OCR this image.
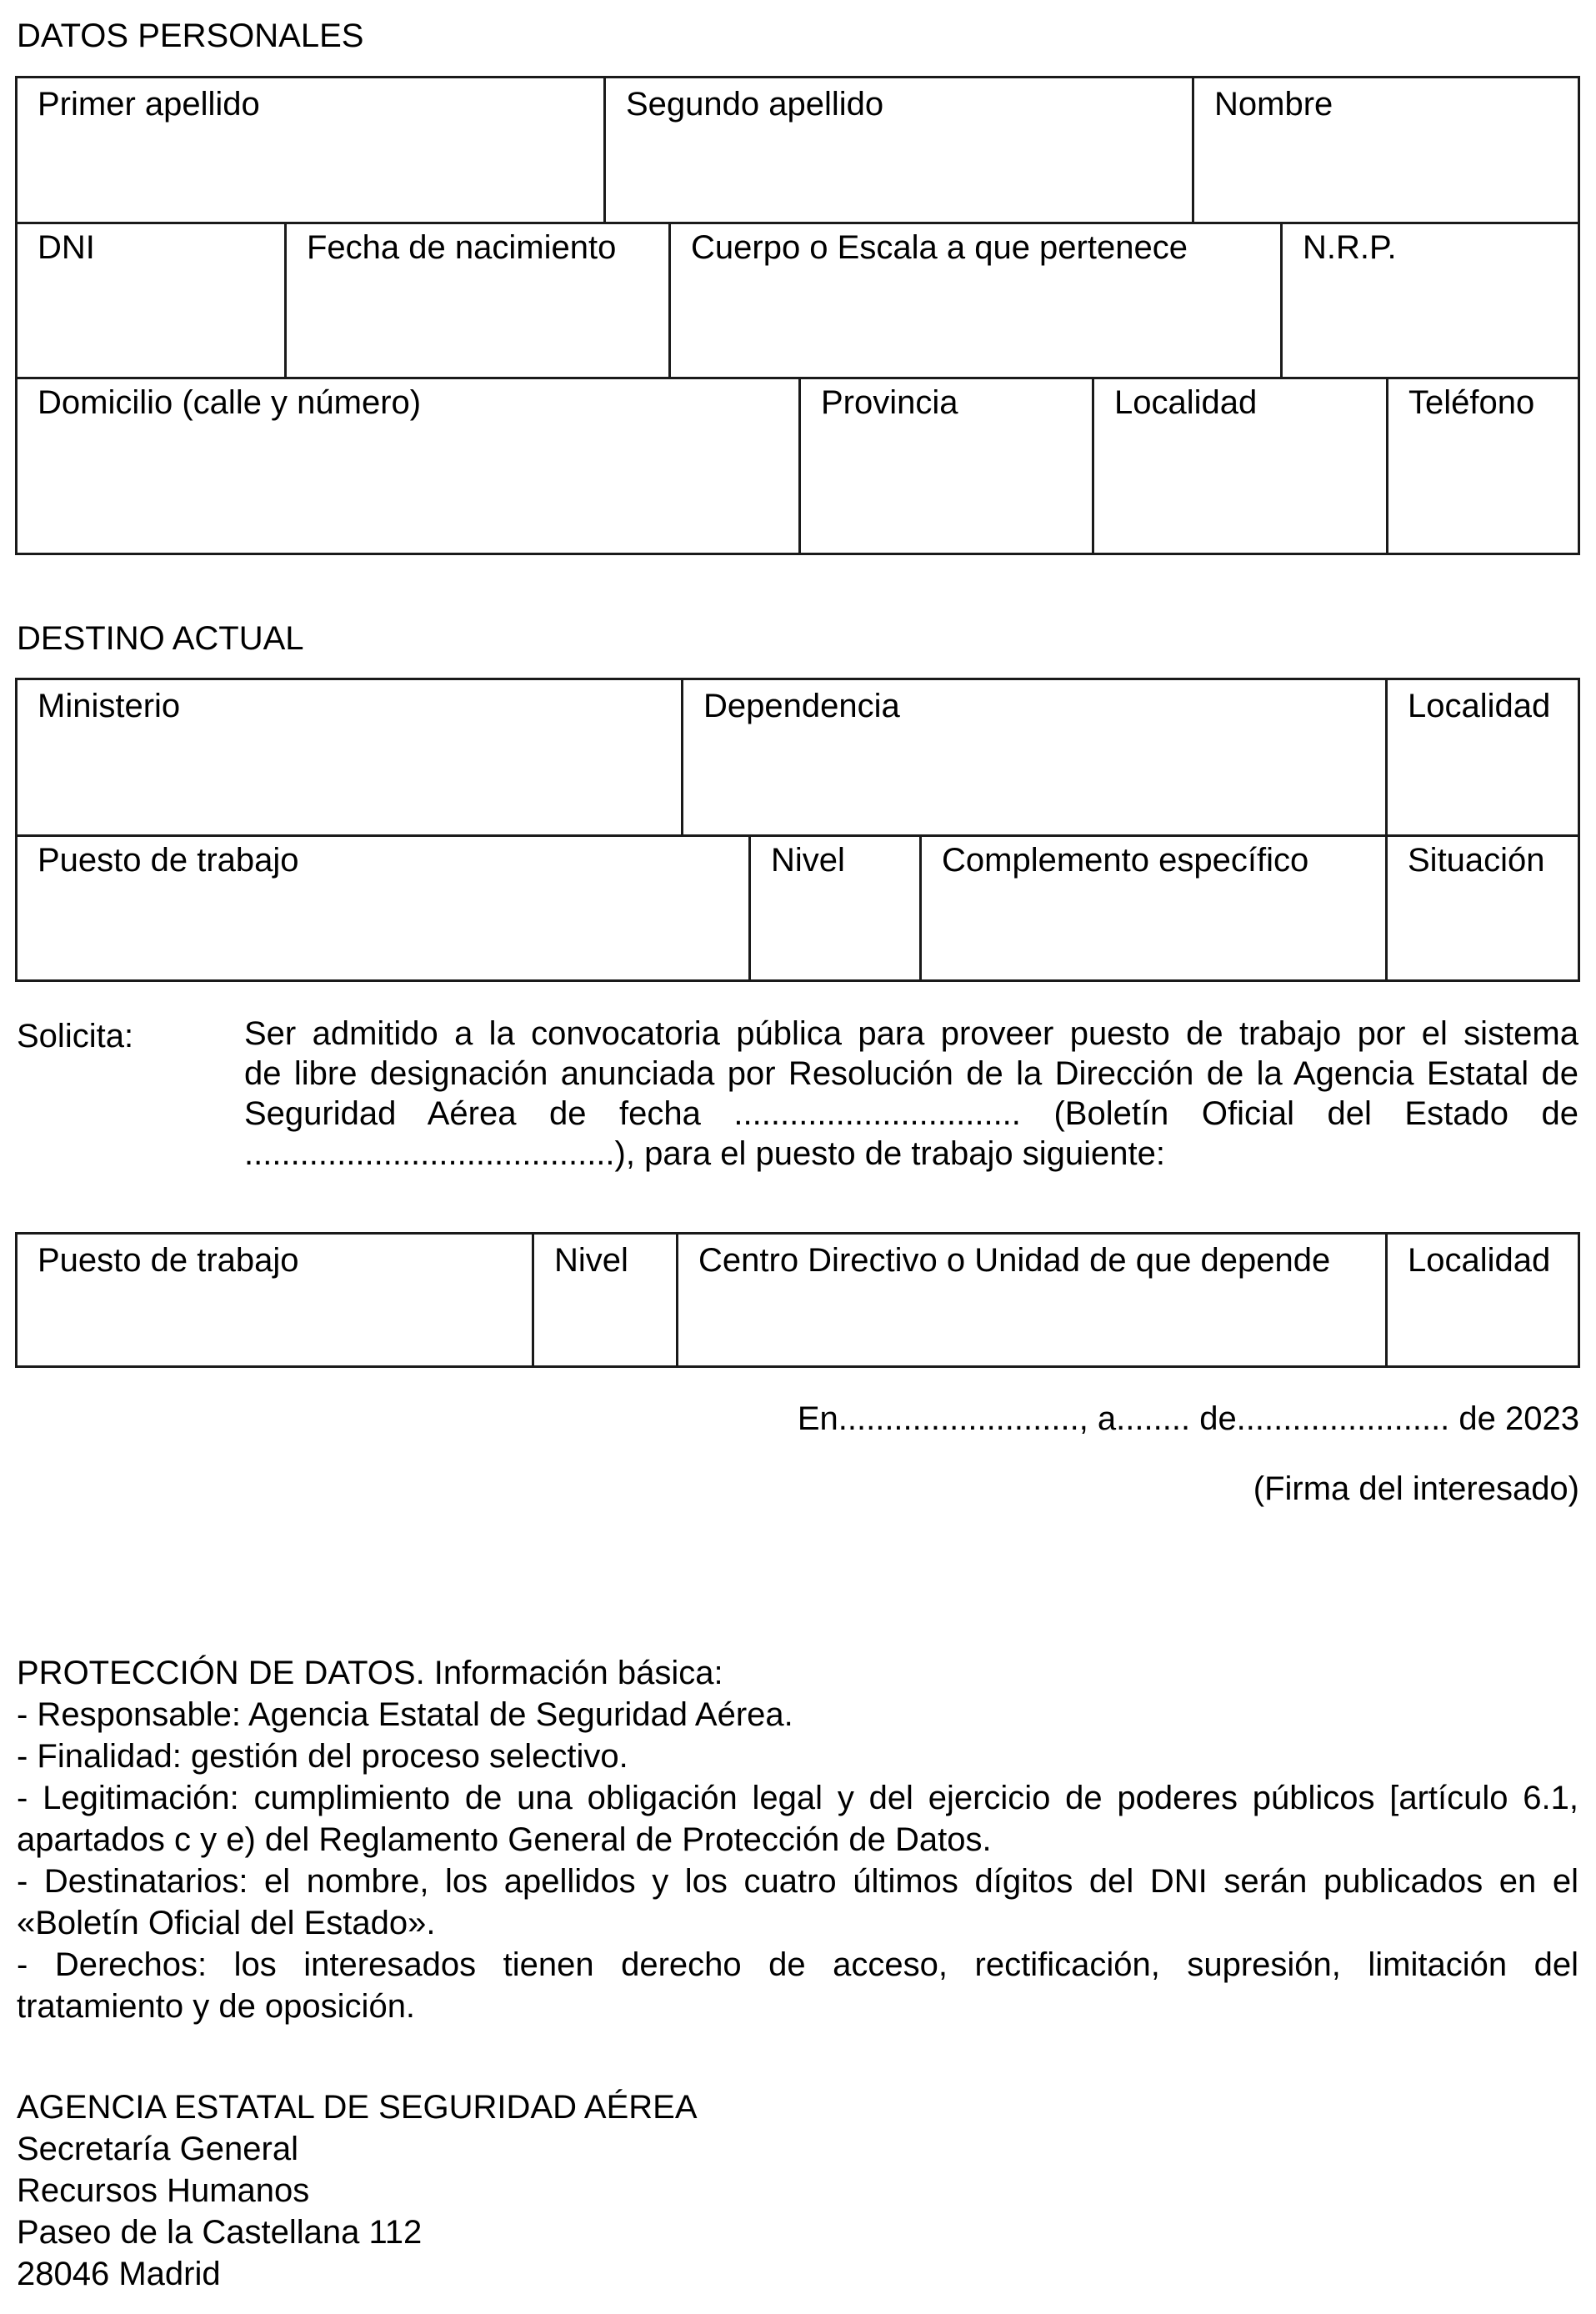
DATOS PERSONALES
Primer apellido	Segundo apellido	Nombre
DNI	Fecha de nacimiento	Cuerpo o Escala a que pertenece	N.R.P.
Domicilio (calle y número)	Provincia	Localidad	Teléfono
DESTINO ACTUAL
Ministerio	Dependencia	Localidad
Puesto de trabajo	Nivel	Complemento específico	Situación
Solicita:	Ser admitido a la convocatoria pública para proveer puesto de trabajo por el sistema
de libre designación anunciada por Resolución de la Dirección de la Agencia Estatal de
Seguridad Aérea de fecha ............................... (Boletín Oficial del Estado de
........................................), para el puesto de trabajo siguiente:
Puesto de trabajo	Nivel	Centro Directivo o Unidad de que depende	Localidad
En.........................., a........ de....................... de 2023
(Firma del interesado)
PROTECCIÓN DE DATOS. Información básica:
- Responsable: Agencia Estatal de Seguridad Aérea.
- Finalidad: gestión del proceso selectivo.
- Legitimación: cumplimiento de una obligación legal y del ejercicio de poderes públicos [artículo 6.1,
apartados c y e) del Reglamento General de Protección de Datos.
- Destinatarios: el nombre, los apellidos y los cuatro últimos dígitos del DNI serán publicados en el
«Boletín Oficial del Estado».
- Derechos: los interesados tienen derecho de acceso, rectificación, supresión, limitación del
tratamiento y de oposición.
AGENCIA ESTATAL DE SEGURIDAD AÉREA
Secretaría General
Recursos Humanos
Paseo de la Castellana 112
28046 Madrid
